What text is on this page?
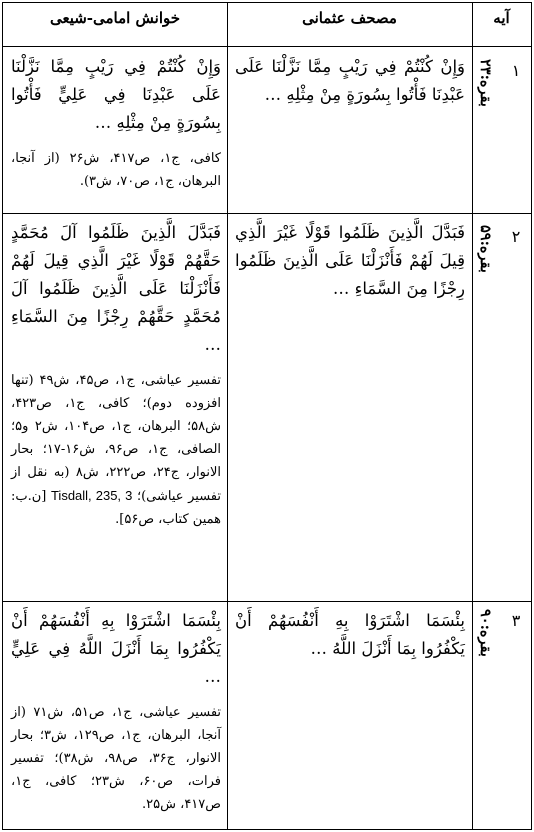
خوانش امامی-شیعی	مصحف عثمانی	آیه
وَإِنْ كُنْتُمْ فِي رَيْبٍ مِمَّا نَزَّلْنَا عَلَى عَبْدِنَا فِي عَلِيٍّ فَأْتُوا بِسُورَةٍ مِنْ مِثْلِهِ …
کافی، ج۱، ص۴۱۷، ش۲۶ (از آنجا، البرهان، ج۱، ص۷۰، ش۳).
وَإِنْ كُنْتُمْ فِي رَيْبٍ مِمَّا نَزَّلْنَا عَلَى عَبْدِنَا فَأْتُوا بِسُورَةٍ مِنْ مِثْلِهِ …
۱
بقره:۲۳
فَبَدَّلَ الَّذِينَ ظَلَمُوا آلَ مُحَمَّدٍ حَقَّهُمْ قَوْلًا غَيْرَ الَّذِي قِيلَ لَهُمْ فَأَنْزَلْنَا عَلَى الَّذِينَ ظَلَمُوا آلَ مُحَمَّدٍ حَقَّهُمْ رِجْزًا مِنَ السَّمَاءِ …
تفسیر عیاشی، ج۱، ص۴۵، ش۴۹ (تنها افزوده دوم)؛ کافی، ج۱، ص۴۲۳، ش۵۸؛ البرهان، ج۱، ص۱۰۴، ش۲ و۵؛ الصافی، ج۱، ص۹۶، ش۱۶-۱۷؛ بحار الانوار، ج۲۴، ص۲۲۲، ش۸ (به نقل از تفسیر عیاشی)؛ Tisdall, 235, 3 [ن.ب: همین کتاب، ص۵۶].
فَبَدَّلَ الَّذِينَ ظَلَمُوا قَوْلًا غَيْرَ الَّذِي قِيلَ لَهُمْ فَأَنْزَلْنَا عَلَى الَّذِينَ ظَلَمُوا رِجْزًا مِنَ السَّمَاءِ …
۲
بقره:۵۹
بِئْسَمَا اشْتَرَوْا بِهِ أَنْفُسَهُمْ أَنْ يَكْفُرُوا بِمَا أَنْزَلَ اللَّهُ فِي عَلِيٍّ …
تفسیر عیاشی، ج۱، ص۵۱، ش۷۱ (از آنجا، البرهان، ج۱، ص۱۲۹، ش۳؛ بحار الانوار، ج۳۶، ص۹۸، ش۳۸)؛ تفسیر فرات، ص۶۰، ش۲۳؛ کافی، ج۱، ص۴۱۷، ش۲۵.
بِئْسَمَا اشْتَرَوْا بِهِ أَنْفُسَهُمْ أَنْ يَكْفُرُوا بِمَا أَنْزَلَ اللَّهُ …
۳
بقره:۹۰
